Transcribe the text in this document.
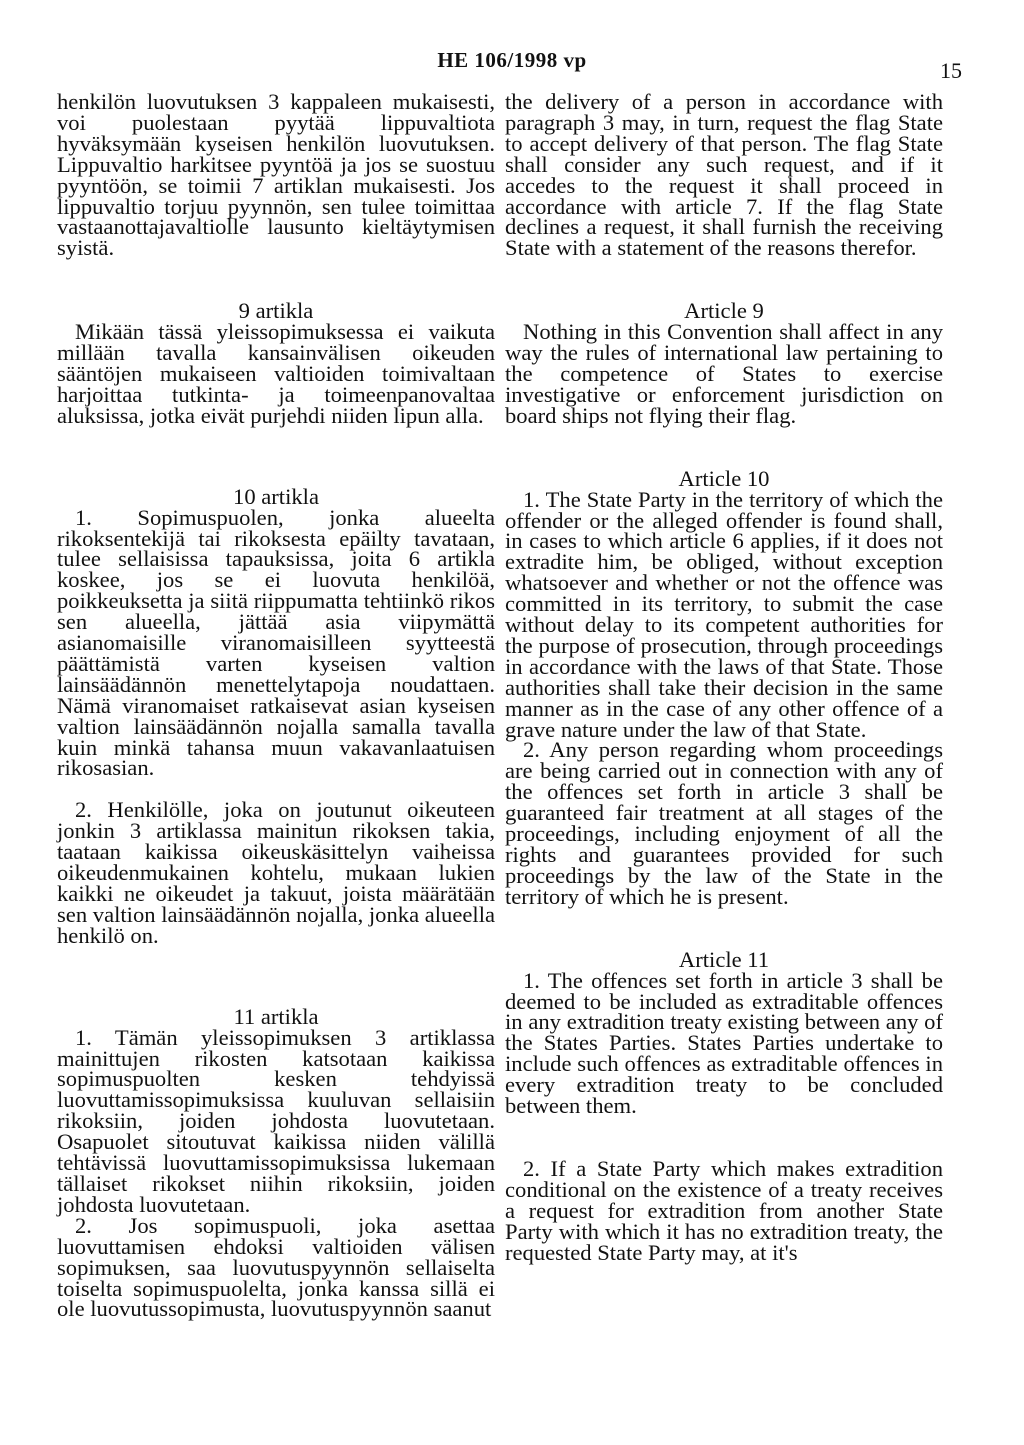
HE 106/1998 vp	15

henkilön luovutuksen 3 kappaleen mukaisesti, voi puolestaan pyytää lippuvaltiota hyväksymään kyseisen henkilön luovutuksen. Lippuvaltio harkitsee pyyntöä ja jos se suostuu pyyntöön, se toimii 7 artiklan mukaisesti. Jos lippuvaltio torjuu pyynnön, sen tulee toimittaa vastaanottajavaltiolle lausunto kieltäytymisen syistä.

9 artikla

Mikään tässä yleissopimuksessa ei vaikuta millään tavalla kansainvälisen oikeuden sääntöjen mukaiseen valtioiden toimivaltaan harjoittaa tutkinta- ja toimeenpanovaltaa aluksissa, jotka eivät purjehdi niiden lipun alla.

10 artikla

1. Sopimuspuolen, jonka alueelta rikoksentekijä tai rikoksesta epäilty tavataan, tulee sellaisissa tapauksissa, joita 6 artikla koskee, jos se ei luovuta henkilöä, poikkeuksetta ja siitä riippumatta tehtiinkö rikos sen alueella, jättää asia viipymättä asianomaisille viranomaisilleen syytteestä päättämistä varten kyseisen valtion lainsäädännön menettelytapoja noudattaen. Nämä viranomaiset ratkaisevat asian kyseisen valtion lainsäädännön nojalla samalla tavalla kuin minkä tahansa muun vakavanlaatuisen rikosasian.

2. Henkilölle, joka on joutunut oikeuteen jonkin 3 artiklassa mainitun rikoksen takia, taataan kaikissa oikeuskäsittelyn vaiheissa oikeudenmukainen kohtelu, mukaan lukien kaikki ne oikeudet ja takuut, joista määrätään sen valtion lainsäädännön nojalla, jonka alueella henkilö on.

11 artikla

1. Tämän yleissopimuksen 3 artiklassa mainittujen rikosten katsotaan kaikissa sopimuspuolten kesken tehdyissä luovuttamissopimuksissa kuuluvan sellaisiin rikoksiin, joiden johdosta luovutetaan. Osapuolet sitoutuvat kaikissa niiden välillä tehtävissä luovuttamissopimuksissa lukemaan tällaiset rikokset niihin rikoksiin, joiden johdosta luovutetaan.

2. Jos sopimuspuoli, joka asettaa luovuttamisen ehdoksi valtioiden välisen sopimuksen, saa luovutuspyynnön sellaiselta toiselta sopimuspuolelta, jonka kanssa sillä ei ole luovutussopimusta, luovutuspyynnön saanut

the delivery of a person in accordance with paragraph 3 may, in turn, request the flag State to accept delivery of that person. The flag State shall consider any such request, and if it accedes to the request it shall proceed in accordance with article 7. If the flag State declines a request, it shall furnish the receiving State with a statement of the reasons therefor.

Article 9

Nothing in this Convention shall affect in any way the rules of international law pertaining to the competence of States to exercise investigative or enforcement jurisdiction on board ships not flying their flag.

Article 10

1. The State Party in the territory of which the offender or the alleged offender is found shall, in cases to which article 6 applies, if it does not extradite him, be obliged, without exception whatsoever and whether or not the offence was committed in its territory, to submit the case without delay to its competent authorities for the purpose of prosecution, through proceedings in accordance with the laws of that State. Those authorities shall take their decision in the same manner as in the case of any other offence of a grave nature under the law of that State.

2. Any person regarding whom proceedings are being carried out in connection with any of the offences set forth in article 3 shall be guaranteed fair treatment at all stages of the proceedings, including enjoyment of all the rights and guarantees provided for such proceedings by the law of the State in the territory of which he is present.

Article 11

1. The offences set forth in article 3 shall be deemed to be included as extraditable offences in any extradition treaty existing between any of the States Parties. States Parties undertake to include such offences as extraditable offences in every extradition treaty to be concluded between them.

2. If a State Party which makes extradition conditional on the existence of a treaty receives a request for extradition from another State Party with which it has no extradition treaty, the requested State Party may, at it's
